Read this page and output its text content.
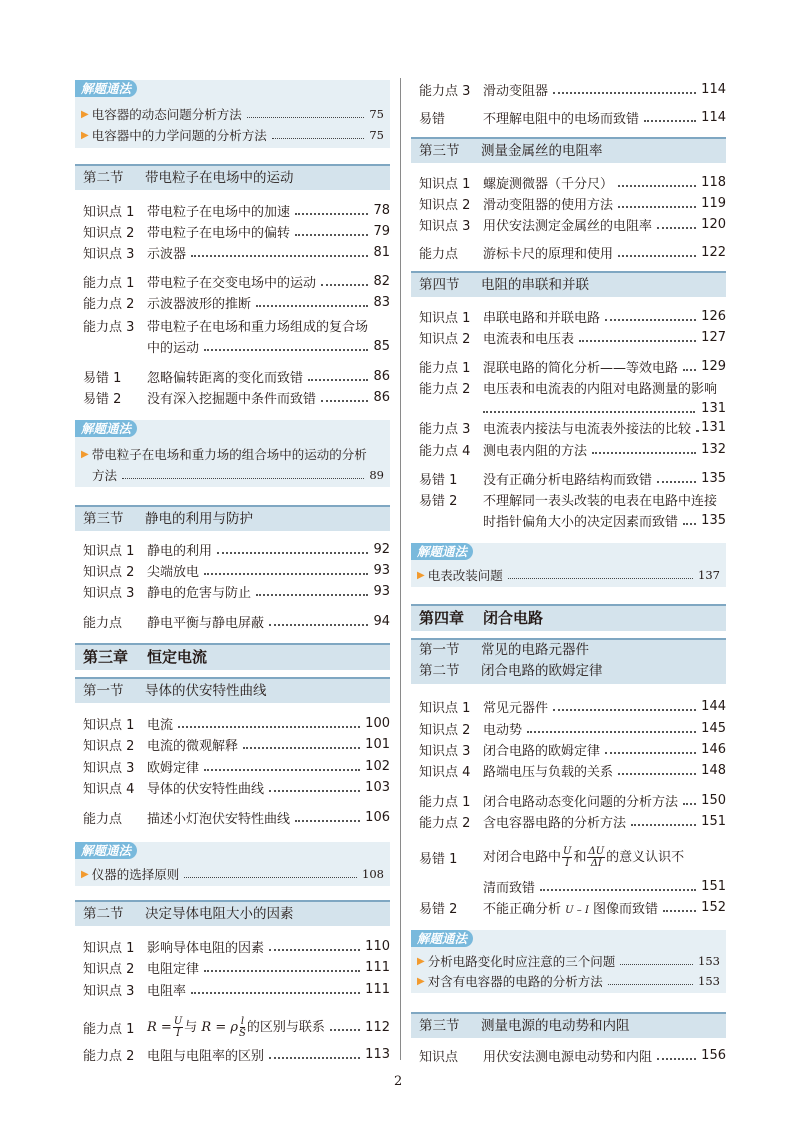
解题通法
▶ 电容器的动态问题分析方法	75
▶ 电容器中的力学问题的分析方法	75
第二节 带电粒子在电场中的运动
知识点 1 带电粒子在电场中的加速	78
知识点 2 带电粒子在电场中的偏转	79
知识点 3 示波器	81
能力点 1 带电粒子在交变电场中的运动	82
能力点 2 示波器波形的推断	83
能力点 3 带电粒子在电场和重力场组成的复合场
中的运动	85
易错 1	忽略偏转距离的变化而致错	86
易错 2	没有深入挖掘题中条件而致错	86
解题通法
▶ 带电粒子在电场和重力场的组合场中的运动的分析
方法	89
第三节 静电的利用与防护
知识点 1 静电的利用	92
知识点 2 尖端放电	93
知识点 3 静电的危害与防止	93
能力点	静电平衡与静电屏蔽	94
第三章 恒定电流
第一节 导体的伏安特性曲线
知识点 1 电流	100
知识点 2 电流的微观解释	101
知识点 3 欧姆定律	102
知识点 4 导体的伏安特性曲线	103
能力点	描述小灯泡伏安特性曲线	106
解题通法
▶ 仪器的选择原则	108
第二节 决定导体电阻大小的因素
知识点 1 影响导体电阻的因素	110
知识点 2 电阻定律	111
知识点 3 电阻率	111
能力点 1 $R = \frac{U}{I}$ 与 R = ρ $\frac{l}{S}$ 的区别与联系	112
能力点 2 电阻与电阻率的区别	113
能力点 3 滑动变阻器	114
易错	不理解电阻中的电场而致错	114
第三节 测量金属丝的电阻率
知识点 1 螺旋测微器（千分尺）	118
知识点 2 滑动变阻器的使用方法	119
知识点 3 用伏安法测定金属丝的电阻率	120
能力点	游标卡尺的原理和使用	122
第四节 电阻的串联和并联
知识点 1 串联电路和并联电路	126
知识点 2 电流表和电压表	127
能力点 1 混联电路的简化分析——等效电路 129
能力点 2 电压表和电流表的内阻对电路测量的影响
131
能力点 3 电流表内接法与电流表外接法的比较 131
能力点 4 测电表内阻的方法	132
易错 1	没有正确分析电路结构而致错	135
易错 2	不理解同一表头改装的电表在电路中连接
时指针偏角大小的决定因素而致错 135
解题通法
▶ 电表改装问题	137
第四章 闭合电路
第一节 常见的电路元器件
第二节 闭合电路的欧姆定律
知识点 1 常见元器件	144
知识点 2 电动势	145
知识点 3 闭合电路的欧姆定律	146
知识点 4 路端电压与负载的关系	148
能力点 1 闭合电路动态变化问题的分析方法 150
能力点 2 含电容器电路的分析方法	151
易错 1	对闭合电路中 $\frac{U}{I}$ 和 $\frac{\Delta U}{\Delta I}$ 的意义认识不
清而致错	151
易错 2	不能正确分析 U – I 图像而致错	152
解题通法
▶ 分析电路变化时应注意的三个问题	153
▶ 对含有电容器的电路的分析方法	153
第三节 测量电源的电动势和内阻
知识点	用伏安法测电源电动势和内阻	156
2
